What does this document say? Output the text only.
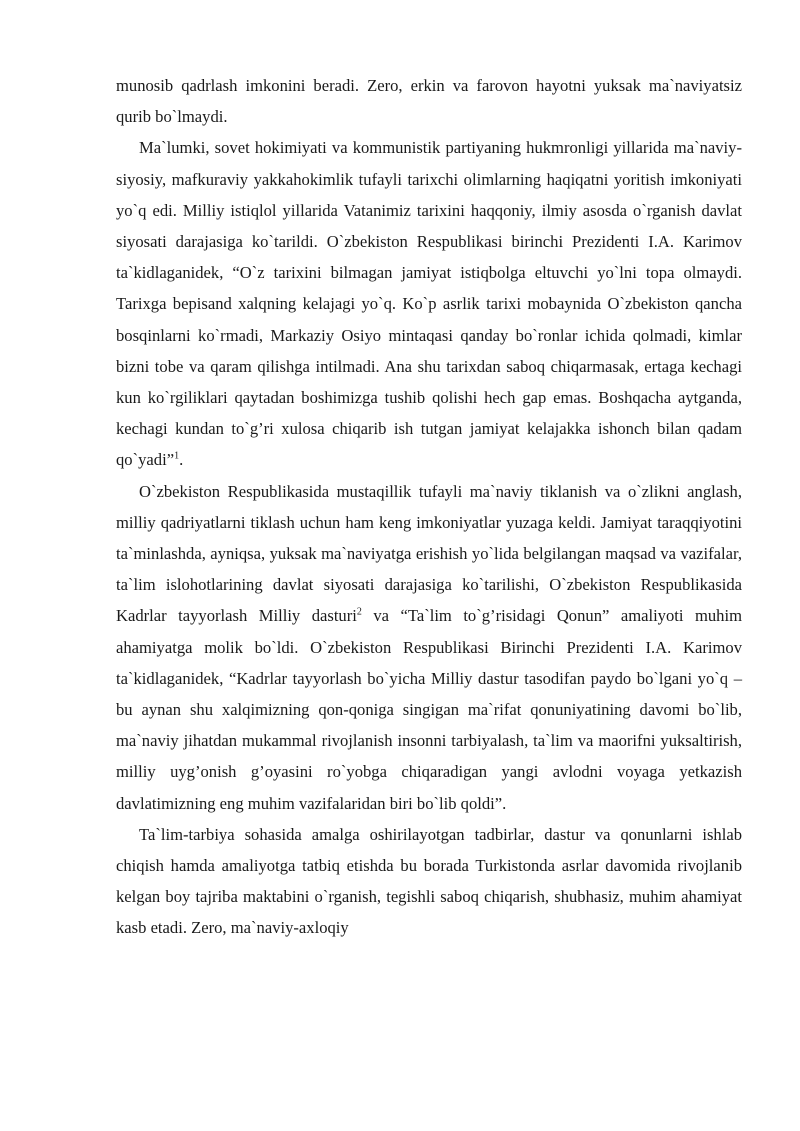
munosib qadrlash imkonini beradi. Zero, erkin va farovon hayotni yuksak ma`naviyatsiz qurib bo`lmaydi.

Ma`lumki, sovet hokimiyati va kommunistik partiyaning hukmronligi yillarida ma`naviy-siyosiy, mafkuraviy yakkahokimlik tufayli tarixchi olimlarning haqiqatni yoritish imkoniyati yo`q edi. Milliy istiqlol yillarida Vatanimiz tarixini haqqoniy, ilmiy asosda o`rganish davlat siyosati darajasiga ko`tarildi. O`zbekiston Respublikasi birinchi Prezidenti I.A. Karimov ta`kidlaganidek, “O`z tarixini bilmagan jamiyat istiqbolga eltuvchi yo`lni topa olmaydi. Tarixga bepisand xalqning kelajagi yo`q. Ko`p asrlik tarixi mobaynida O`zbekiston qancha bosqinlarni ko`rmadi, Markaziy Osiyo mintaqasi qanday bo`ronlar ichida qolmadi, kimlar bizni tobe va qaram qilishga intilmadi. Ana shu tarixdan saboq chiqarmasak, ertaga kechagi kun ko`rgiliklari qaytadan boshimizga tushib qolishi hech gap emas. Boshqacha aytganda, kechagi kundan to`g’ri xulosa chiqarib ish tutgan jamiyat kelajakka ishonch bilan qadam qo`yadi”$^1$.

O`zbekiston Respublikasida mustaqillik tufayli ma`naviy tiklanish va o`zlikni anglash, milliy qadriyatlarni tiklash uchun ham keng imkoniyatlar yuzaga keldi. Jamiyat taraqqiyotini ta`minlashda, ayniqsa, yuksak ma`naviyatga erishish yo`lida belgilangan maqsad va vazifalar, ta`lim islohotlarining davlat siyosati darajasiga ko`tarilishi, O`zbekiston Respublikasida Kadrlar tayyorlash Milliy dasturi$^2$ va “Ta`lim to`g’risidagi Qonun” amaliyoti muhim ahamiyatga molik bo`ldi. O`zbekiston Respublikasi Birinchi Prezidenti I.A. Karimov ta`kidlaganidek, “Kadrlar tayyorlash bo`yicha Milliy dastur tasodifan paydo bo`lgani yo`q – bu aynan shu xalqimizning qon-qoniga singigan ma`rifat qonuniyatining davomi bo`lib, ma`naviy jihatdan mukammal rivojlanish insonni tarbiyalash, ta`lim va maorifni yuksaltirish, milliy uyg’onish g’oyasini ro`yobga chiqaradigan yangi avlodni voyaga yetkazish davlatimizning eng muhim vazifalaridan biri bo`lib qoldi”.

Ta`lim-tarbiya sohasida amalga oshirilayotgan tadbirlar, dastur va qonunlarni ishlab chiqish hamda amaliyotga tatbiq etishda bu borada Turkistonda asrlar davomida rivojlanib kelgan boy tajriba maktabini o`rganish, tegishli saboq chiqarish, shubhasiz, muhim ahamiyat kasb etadi. Zero, ma`naviy-axloqiy
